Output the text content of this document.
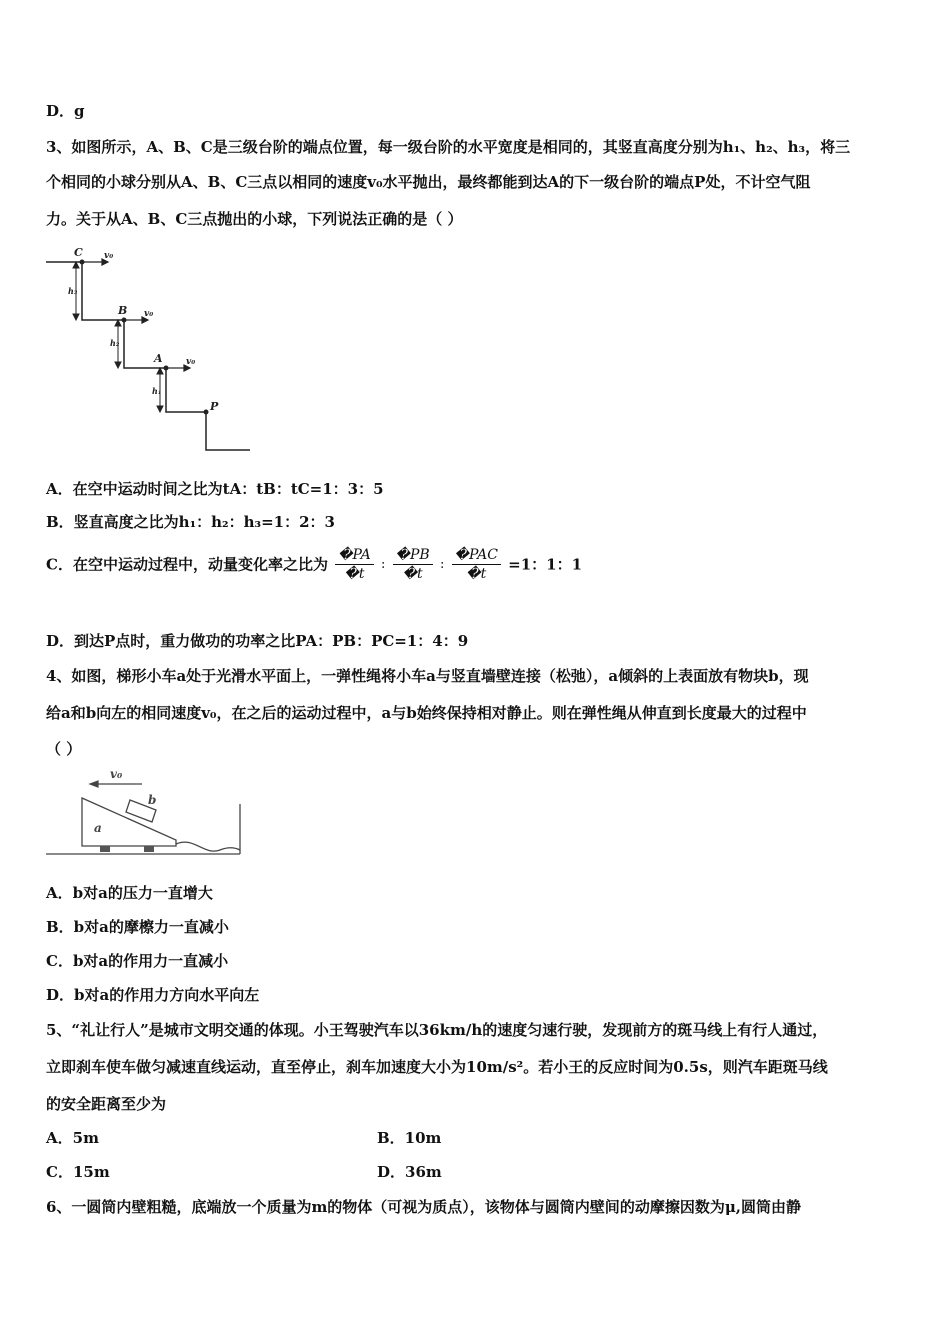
D．g
3、如图所示，A、B、C是三级台阶的端点位置，每一级台阶的水平宽度是相同的，其竖直高度分别为h₁、h₂、h₃，将三
个相同的小球分别从A、B、C三点以相同的速度v₀水平抛出，最终都能到达A的下一级台阶的端点P处，不计空气阻
力。关于从A、B、C三点抛出的小球，下列说法正确的是（ ）
C
B
A
P
v₀
v₀
v₀
h₃
h₂
h₁
A．在空中运动时间之比为tA：tB：tC=1：3：5
B．竖直高度之比为h₁：h₂：h₃=1：2：3
C．在空中运动过程中，动量变化率之比为 $\frac{�PA}{�t}$ : $\frac{�PB}{�t}$ : $\frac{\text{�PAC}}{�t} =1$：1：1
D．到达P点时，重力做功的功率之比PA：PB：PC=1：4：9
4、如图，梯形小车a处于光滑水平面上，一弹性绳将小车a与竖直墙壁连接（松弛），a倾斜的上表面放有物块b，现
给a和b向左的相同速度v₀，在之后的运动过程中，a与b始终保持相对静止。则在弹性绳从伸直到长度最大的过程中
（ ）
v₀
a
b
A．b对a的压力一直增大
B．b对a的摩檫力一直减小
C．b对a的作用力一直减小
D．b对a的作用力方向水平向左
5、“礼让行人”是城市文明交通的体现。小王驾驶汽车以36km/h的速度匀速行驶，发现前方的斑马线上有行人通过，
立即刹车使车做匀减速直线运动，直至停止，刹车加速度大小为10m/s²。若小王的反应时间为0.5s，则汽车距斑马线
的安全距离至少为
A．5m	B．10m
C．15m	D．36m
6、一圆筒内壁粗糙，底端放一个质量为m的物体（可视为质点），该物体与圆筒内壁间的动摩擦因数为μ,圆筒由静
